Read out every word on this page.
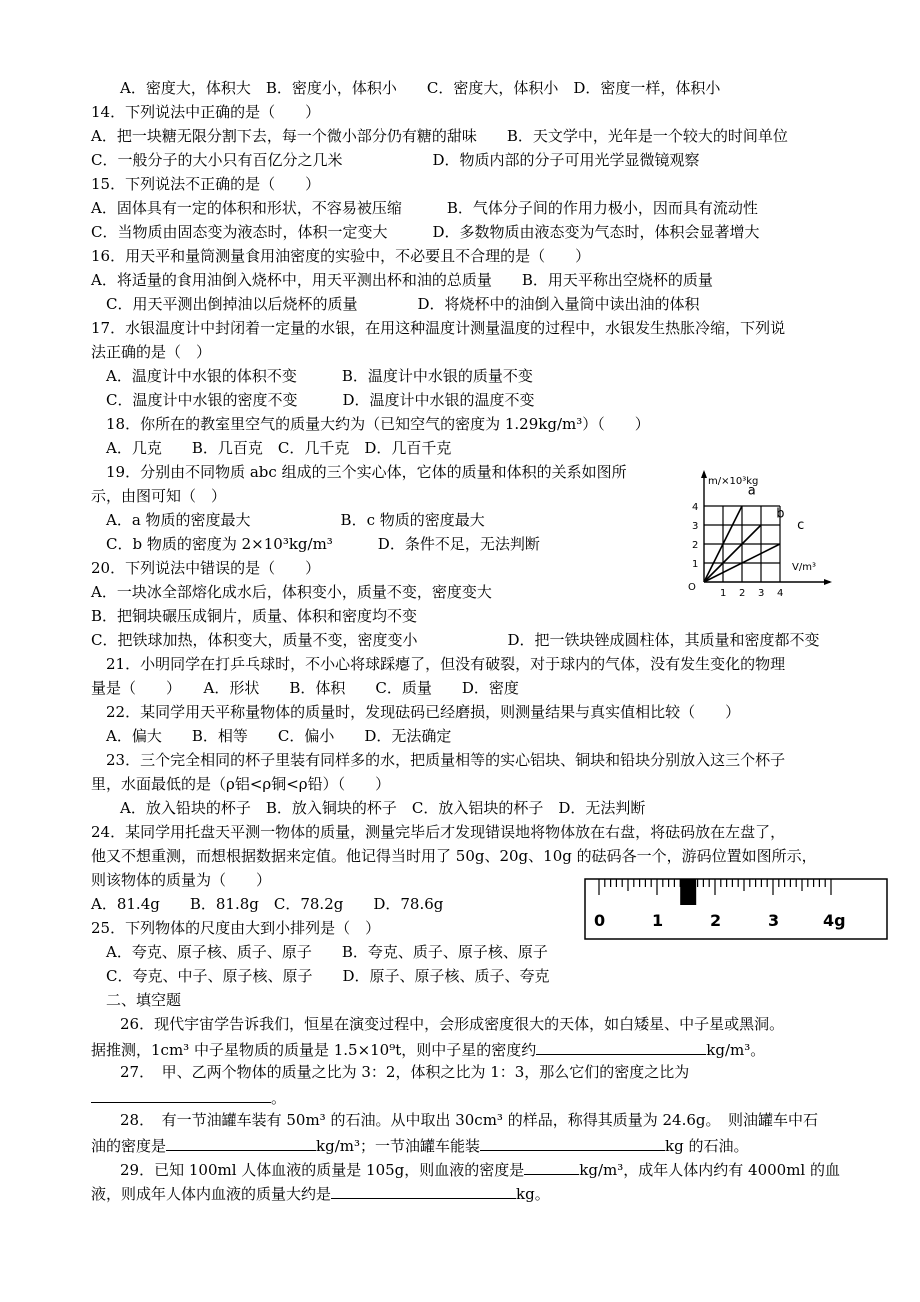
A．密度大，体积大　B．密度小，体积小　　C．密度大，体积小　D．密度一样，体积小
14．下列说法中正确的是（　　）
A．把一块糖无限分割下去，每一个微小部分仍有糖的甜味　　B．天文学中，光年是一个较大的时间单位
C．一般分子的大小只有百亿分之几米　　　　　　D．物质内部的分子可用光学显微镜观察
15．下列说法不正确的是（　　）
A．固体具有一定的体积和形状，不容易被压缩　　　B．气体分子间的作用力极小，因而具有流动性
C．当物质由固态变为液态时，体积一定变大　　　D．多数物质由液态变为气态时，体积会显著增大
16．用天平和量筒测量食用油密度的实验中，不必要且不合理的是（　　）
A．将适量的食用油倒入烧杯中，用天平测出杯和油的总质量　　B．用天平称出空烧杯的质量
C．用天平测出倒掉油以后烧杯的质量　　　　D．将烧杯中的油倒入量筒中读出油的体积
17．水银温度计中封闭着一定量的水银，在用这种温度计测量温度的过程中，水银发生热胀冷缩，下列说
法正确的是（　）
A．温度计中水银的体积不变　　　B．温度计中水银的质量不变
C．温度计中水银的密度不变　　　D．温度计中水银的温度不变
18．你所在的教室里空气的质量大约为（已知空气的密度为 1.29kg/m³）（　　）
A．几克　　B．几百克　C．几千克　D．几百千克
19．分别由不同物质 abc 组成的三个实心体，它体的质量和体积的关系如图所
示，由图可知（　）
A．a 物质的密度最大　　　　　　B．c 物质的密度最大
C．b 物质的密度为 2×10³kg/m³　　　D．条件不足，无法判断
20．下列说法中错误的是（　　）
A．一块冰全部熔化成水后，体积变小，质量不变，密度变大
B．把铜块碾压成铜片，质量、体积和密度均不变
C．把铁球加热，体积变大，质量不变，密度变小　　　　　　D．把一铁块锉成圆柱体，其质量和密度都不变
21．小明同学在打乒乓球时，不小心将球踩瘪了，但没有破裂，对于球内的气体，没有发生变化的物理
量是（　　）　　A．形状　　B．体积　　C．质量　　D．密度
22．某同学用天平称量物体的质量时，发现砝码已经磨损，则测量结果与真实值相比较（　　）
A．偏大　　B．相等　　C．偏小　　D．无法确定
23．三个完全相同的杯子里装有同样多的水，把质量相等的实心铝块、铜块和铅块分别放入这三个杯子
里，水面最低的是（ρ铝<ρ铜<ρ铅）（　　）
A．放入铅块的杯子　B．放入铜块的杯子　C．放入铝块的杯子　D．无法判断
24．某同学用托盘天平测一物体的质量，测量完毕后才发现错误地将物体放在右盘，将砝码放在左盘了，
他又不想重测，而想根据数据来定值。他记得当时用了 50g、20g、10g 的砝码各一个，游码位置如图所示，
则该物体的质量为（　　）
A．81.4g　　B．81.8g　C．78.2g　　D．78.6g
25．下列物体的尺度由大到小排列是（　）
A．夸克、原子核、质子、原子　　B．夸克、质子、原子核、原子
C．夸克、中子、原子核、原子　　D．原子、原子核、质子、夸克
二、填空题
26．现代宇宙学告诉我们，恒星在演变过程中，会形成密度很大的天体，如白矮星、中子星或黑洞。
据推测，1cm³ 中子星物质的质量是 1.5×10⁹t，则中子星的密度约	kg/m³。
27．　甲、乙两个物体的质量之比为 3：2，体积之比为 1：3，那么它们的密度之比为
。
28．　有一节油罐车装有 50m³ 的石油。从中取出 30cm³ 的样品，称得其质量为 24.6g。　则油罐车中石
油的密度是	kg/m³；一节油罐车能装	kg 的石油。
29．已知 100ml 人体血液的质量是 105g，则血液的密度是	kg/m³，成年人体内约有 4000ml 的血
液，则成年人体内血液的质量大约是	kg。
m/×10³kg
V/m³
O
1
2
3
4
1 2 3 4
a
b
c
0	1	2	3	4g
